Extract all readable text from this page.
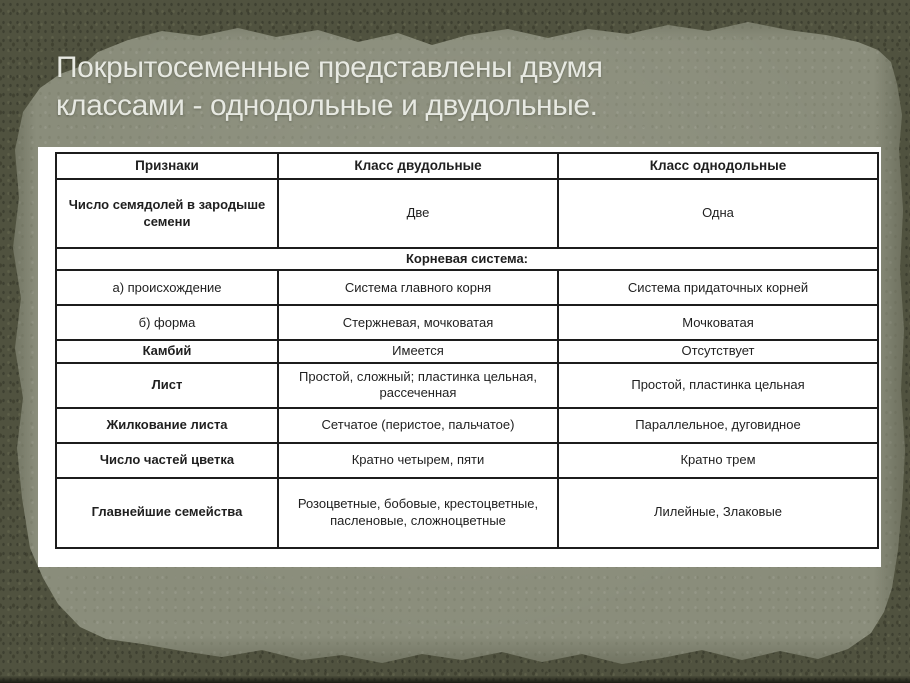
Покрытосеменные представлены двумя
классами - однодольные и двудольные.
Признаки	Класс двудольные	Класс однодольные
Число семядолей в зародыше семени	Две	Одна
Корневая система:		
а) происхождение	Система главного корня	Система придаточных корней
б) форма	Стержневая, мочковатая	Мочковатая
Камбий	Имеется	Отсутствует
Лист	Простой, сложный; пластинка цельная, рассеченная	Простой, пластинка цельная
Жилкование листа	Сетчатое (перистое, пальчатое)	Параллельное, дуговидное
Число частей цветка	Кратно четырем, пяти	Кратно трем
Главнейшие семейства	Розоцветные, бобовые, крестоцветные, пасленовые, сложноцветные	Лилейные, Злаковые
